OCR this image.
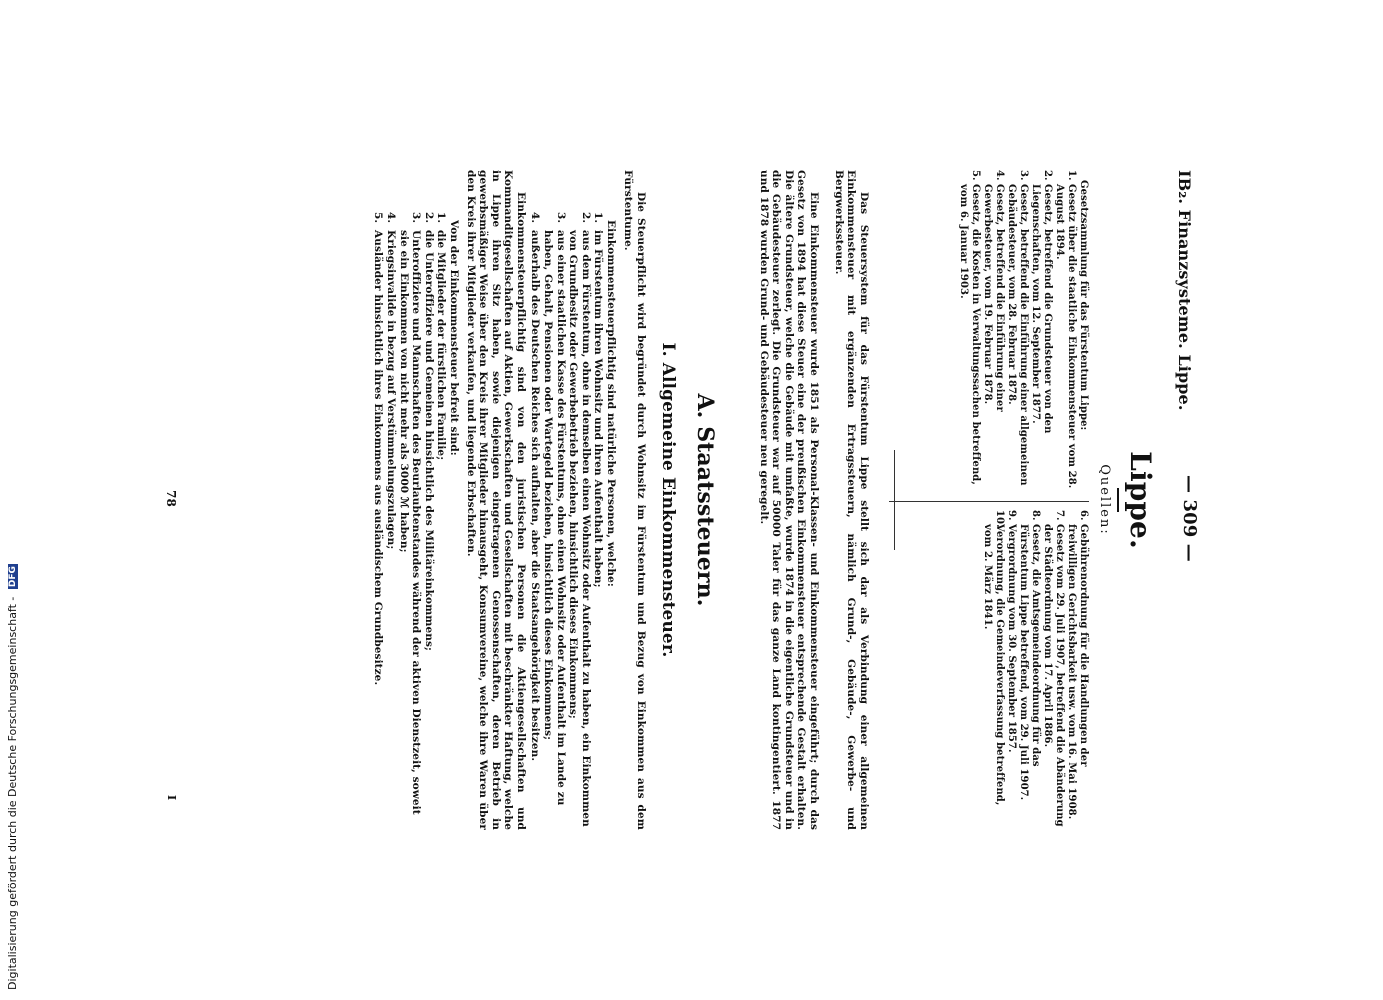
IB₂. Finanzsysteme. Lippe.
— 309 —
Lippe.
Quellen:

Gesetzsammlung für das Fürstentum Lippe:

1.
Gesetz über die staatliche Einkommensteuer vom 28. August 1894.

2.
Gesetz, betreffend die Grundsteuer von den Liegenschaften, vom 12. September 1877.

3.
Gesetz, betreffend die Einführung einer allgemeinen Gebäudesteuer, vom 28. Februar 1878.

4.
Gesetz, betreffend die Einführung einer Gewerbesteuer, vom 19. Februar 1878.

5.
Gesetz, die Kosten in Verwaltungssachen betreffend, vom 6. Januar 1903.

6.
Gebührenordnung für die Handlungen der freiwilligen Gerichtsbarkeit usw. vom 16. Mai 1908.

7.
Gesetz vom 29. Juli 1907, betreffend die Abänderung der Städteordnung vom 17. April 1886.

8.
Gesetz, die Amtsgemeindeordnung für das Fürstentum Lippe betreffend, vom 29. Juli 1907.

9.
Vergrordnung vom 30. September 1857.

10.
Verordnung, die Gemeindeverfassung betreffend, vom 2. März 1841.

Das Steuersystem für das Fürstentum Lippe stellt sich dar als Verbindung einer allgemeinen Einkommensteuer mit ergänzenden Ertragssteuern, nämlich Grund-, Gebäude-, Gewerbe- und Bergwerkssteuer.

Eine Einkommensteuer wurde 1851 als Personal-Klassen- und Einkommensteuer eingeführt; durch das Gesetz von 1894 hat diese Steuer eine der preußischen Einkommensteuer entsprechende Gestalt erhalten. Die ältere Grundsteuer, welche die Gebäude mit umfaßte, wurde 1874 in die eigentliche Grundsteuer und in die Gebäudesteuer zerlegt. Die Grundsteuer war auf 50000 Taler für das ganze Land kontingentiert. 1877 und 1878 wurden Grund- und Gebäudesteuer neu geregelt.

A. Staatssteuern.
I. Allgemeine Einkommensteuer.

Die Steuerpflicht wird begründet durch Wohnsitz im Fürstentum und Bezug von Einkommen aus dem Fürstentume.

Einkommensteuerpflichtig sind natürliche Personen, welche:

1.
im Fürstentum ihren Wohnsitz und ihren Aufenthalt haben;

2.
aus dem Fürstentum, ohne in demselben einen Wohnsitz oder Aufenthalt zu haben, ein Einkommen von Grundbesitz oder Gewerbebetrieb beziehen, hinsichtlich dieses Einkommens;

3.
aus einer staatlichen Kasse des Fürstentums, ohne einen Wohnsitz oder Aufenthalt im Lande zu haben, Gehalt, Pensionen oder Wartegeld beziehen, hinsichtlich dieses Einkommens;

4.
außerhalb des Deutschen Reiches sich aufhalten, aber die Staatsangehörigkeit besitzen.

Einkommensteuerpflichtig sind von den juristischen Personen die Aktiengesellschaften und Kommanditgesellschaften auf Aktien, Gewerkschaften und Gesellschaften mit beschränkter Haftung, welche in Lippe ihren Sitz haben, sowie diejenigen eingetragenen Genossenschaften, deren Betrieb in gewerbsmäßiger Weise über den Kreis ihrer Mitglieder hinausgeht, Konsumvereine, welche ihre Waren über den Kreis ihrer Mitglieder verkaufen, und liegende Erbschaften.

Von der Einkommensteuer befreit sind:

1.
die Mitglieder der fürstlichen Familie;

2.
die Unteroffiziere und Gemeinen hinsichtlich des Militäreinkommens;

3.
Unteroffiziere und Mannschaften des Beurlaubtenstandes während der aktiven Dienstzeit, soweit sie ein Einkommen von nicht mehr als 3000 ℳ haben;

4.
Kriegsinvalide in bezug auf Verstümmelungszulagen;

5.
Ausländer hinsichtlich ihres Einkommens aus ausländischem Grundbesitze.

78
I
Digitalisierung gefördert durch die Deutsche Forschungsgemeinschaft - DFG
